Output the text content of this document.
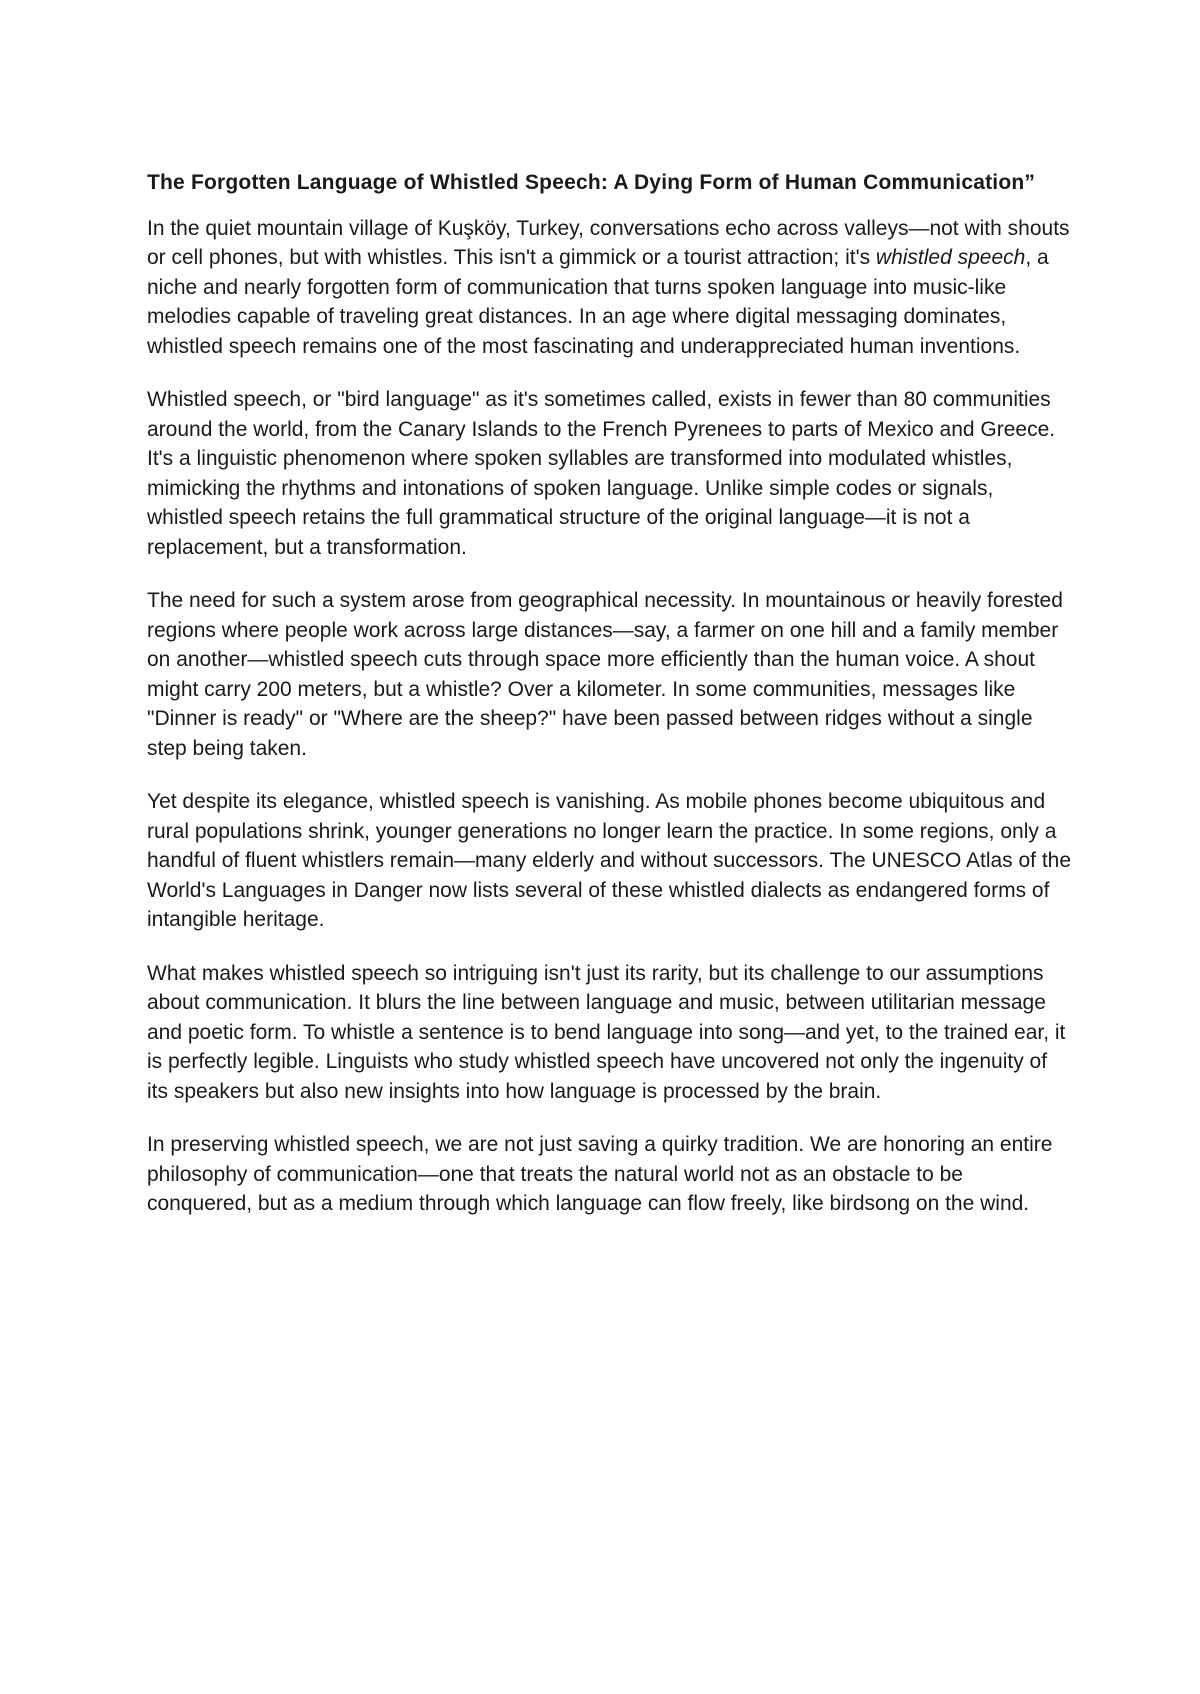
The Forgotten Language of Whistled Speech: A Dying Form of Human Communication”

In the quiet mountain village of Kuşköy, Turkey, conversations echo across valleys—not with shouts or cell phones, but with whistles. This isn't a gimmick or a tourist attraction; it's whistled speech, a niche and nearly forgotten form of communication that turns spoken language into music-like melodies capable of traveling great distances. In an age where digital messaging dominates, whistled speech remains one of the most fascinating and underappreciated human inventions.

Whistled speech, or "bird language" as it's sometimes called, exists in fewer than 80 communities around the world, from the Canary Islands to the French Pyrenees to parts of Mexico and Greece. It's a linguistic phenomenon where spoken syllables are transformed into modulated whistles, mimicking the rhythms and intonations of spoken language. Unlike simple codes or signals, whistled speech retains the full grammatical structure of the original language—it is not a replacement, but a transformation.

The need for such a system arose from geographical necessity. In mountainous or heavily forested regions where people work across large distances—say, a farmer on one hill and a family member on another—whistled speech cuts through space more efficiently than the human voice. A shout might carry 200 meters, but a whistle? Over a kilometer. In some communities, messages like "Dinner is ready" or "Where are the sheep?" have been passed between ridges without a single step being taken.

Yet despite its elegance, whistled speech is vanishing. As mobile phones become ubiquitous and rural populations shrink, younger generations no longer learn the practice. In some regions, only a handful of fluent whistlers remain—many elderly and without successors. The UNESCO Atlas of the World's Languages in Danger now lists several of these whistled dialects as endangered forms of intangible heritage.

What makes whistled speech so intriguing isn't just its rarity, but its challenge to our assumptions about communication. It blurs the line between language and music, between utilitarian message and poetic form. To whistle a sentence is to bend language into song—and yet, to the trained ear, it is perfectly legible. Linguists who study whistled speech have uncovered not only the ingenuity of its speakers but also new insights into how language is processed by the brain.

In preserving whistled speech, we are not just saving a quirky tradition. We are honoring an entire philosophy of communication—one that treats the natural world not as an obstacle to be conquered, but as a medium through which language can flow freely, like birdsong on the wind.
